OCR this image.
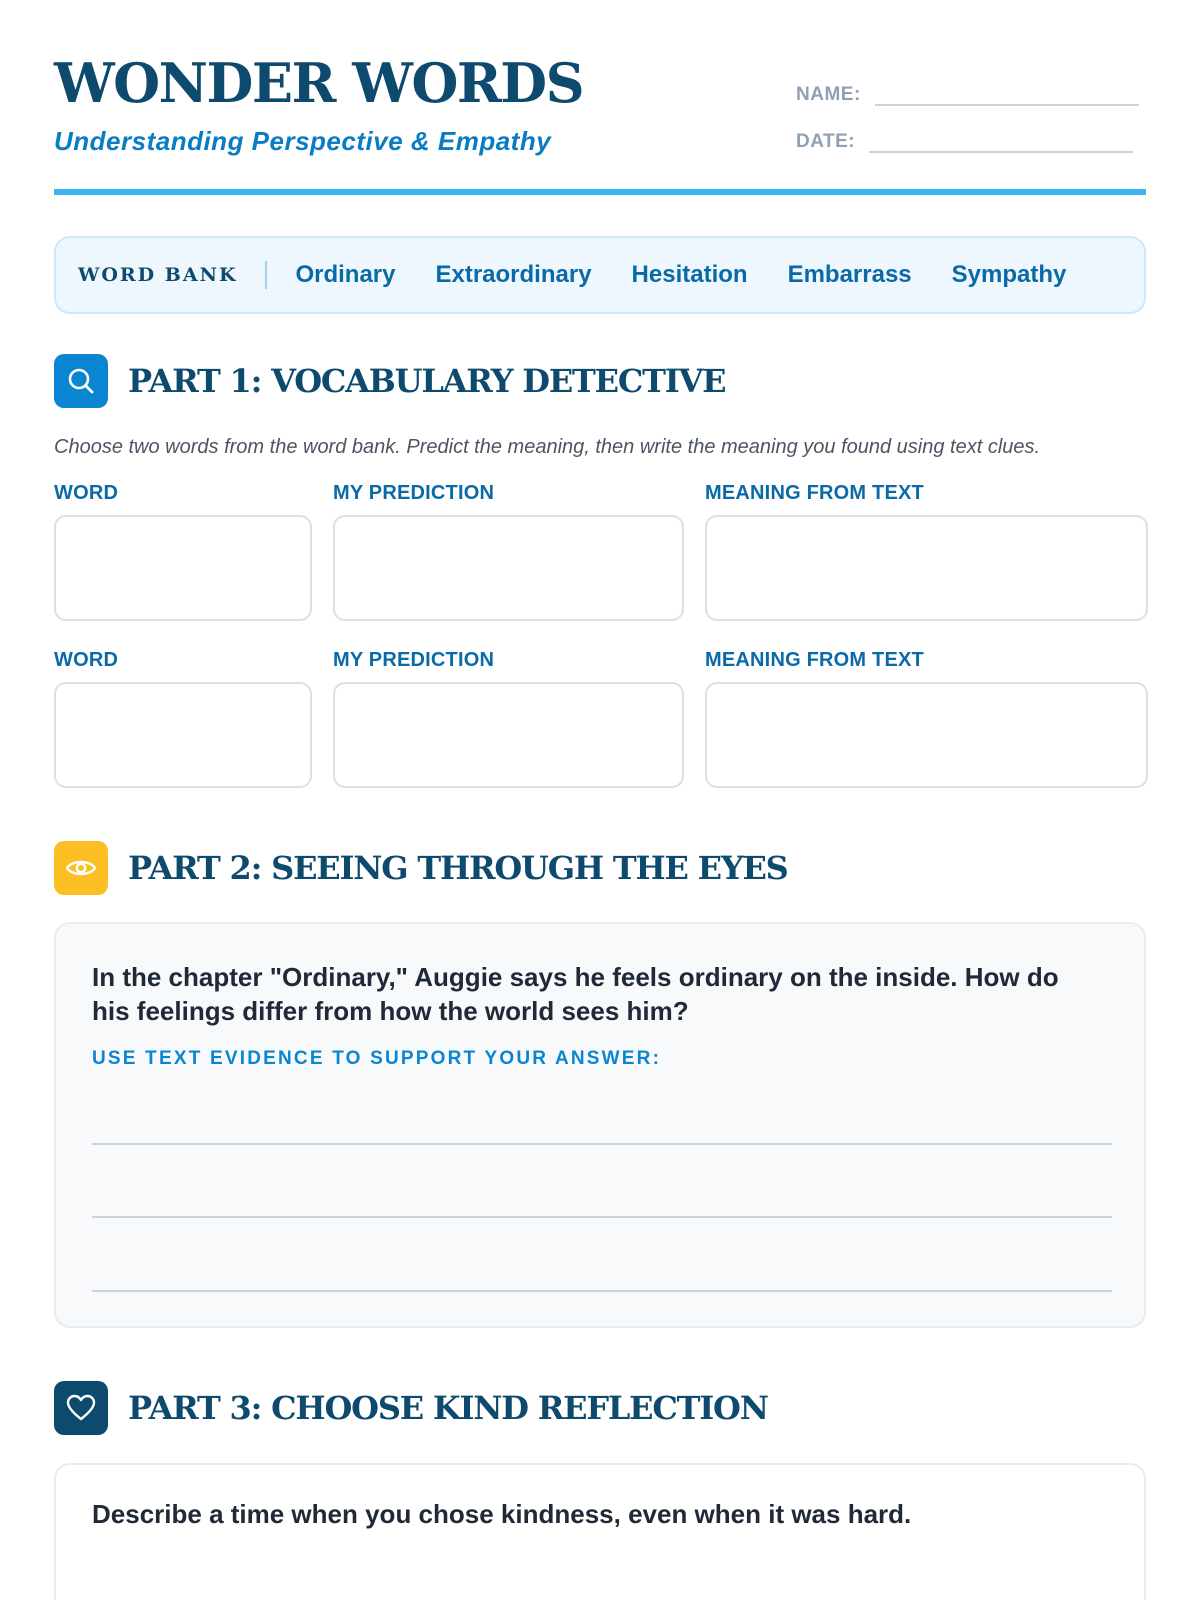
WONDER WORDS
Understanding Perspective & Empathy
NAME:
DATE:
WORD BANK Ordinary Extraordinary Hesitation Embarrass Sympathy
PART 1: VOCABULARY DETECTIVE
Choose two words from the word bank. Predict the meaning, then write the meaning you found using text clues.
WORD	MY PREDICTION	MEANING FROM TEXT
WORD	MY PREDICTION	MEANING FROM TEXT
PART 2: SEEING THROUGH THE EYES
In the chapter "Ordinary," Auggie says he feels ordinary on the inside. How do
his feelings differ from how the world sees him?
USE TEXT EVIDENCE TO SUPPORT YOUR ANSWER:
PART 3: CHOOSE KIND REFLECTION
Describe a time when you chose kindness, even when it was hard.
